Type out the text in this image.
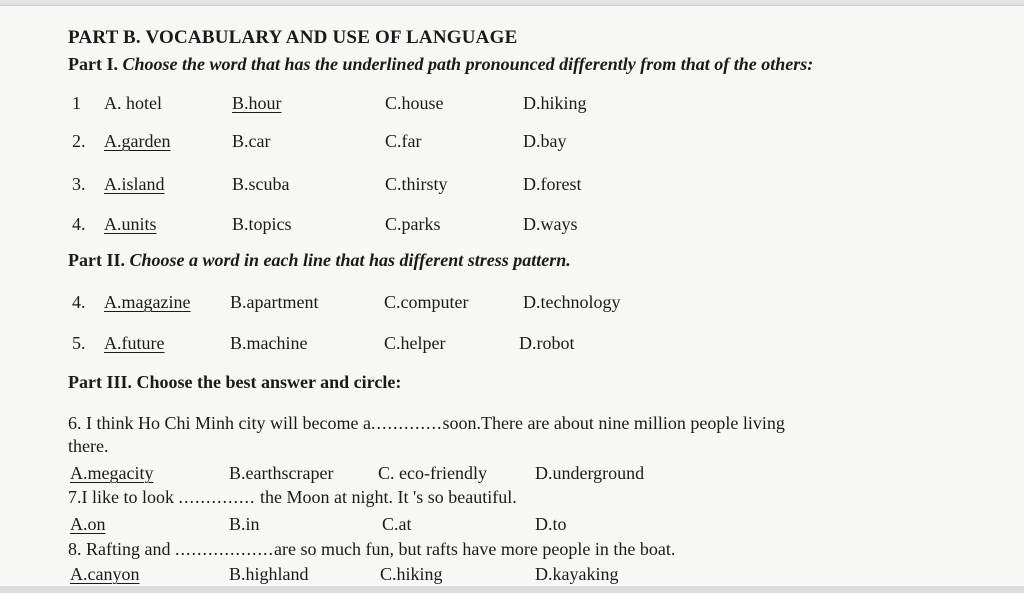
PART B. VOCABULARY AND USE OF LANGUAGE
Part I. Choose the word that has the underlined path pronounced differently from that of the others:
1 A. hotel	B.hour	C.house	D.hiking
2. A.garden	B.car	C.far	D.bay
3. A.island	B.scuba	C.thirsty	D.forest
4. A.units	B.topics	C.parks	D.ways
Part II. Choose a word in each line that has different stress pattern.
4. A.magazine B.apartment	C.computer	D.technology
5. A.future	B.machine	C.helper	D.robot
Part III. Choose the best answer and circle:
6. I think Ho Chi Minh city will become a.............soon.There are about nine million people living
there.
A.megacity	B.earthscraper C. eco-friendly	D.underground
7.I like to look .............. the Moon at night. It 's so beautiful.
A.on	B.in	C.at	D.to
8. Rafting and ..................are so much fun, but rafts have more people in the boat.
A.canyon	B.highland	C.hiking	D.kayaking
